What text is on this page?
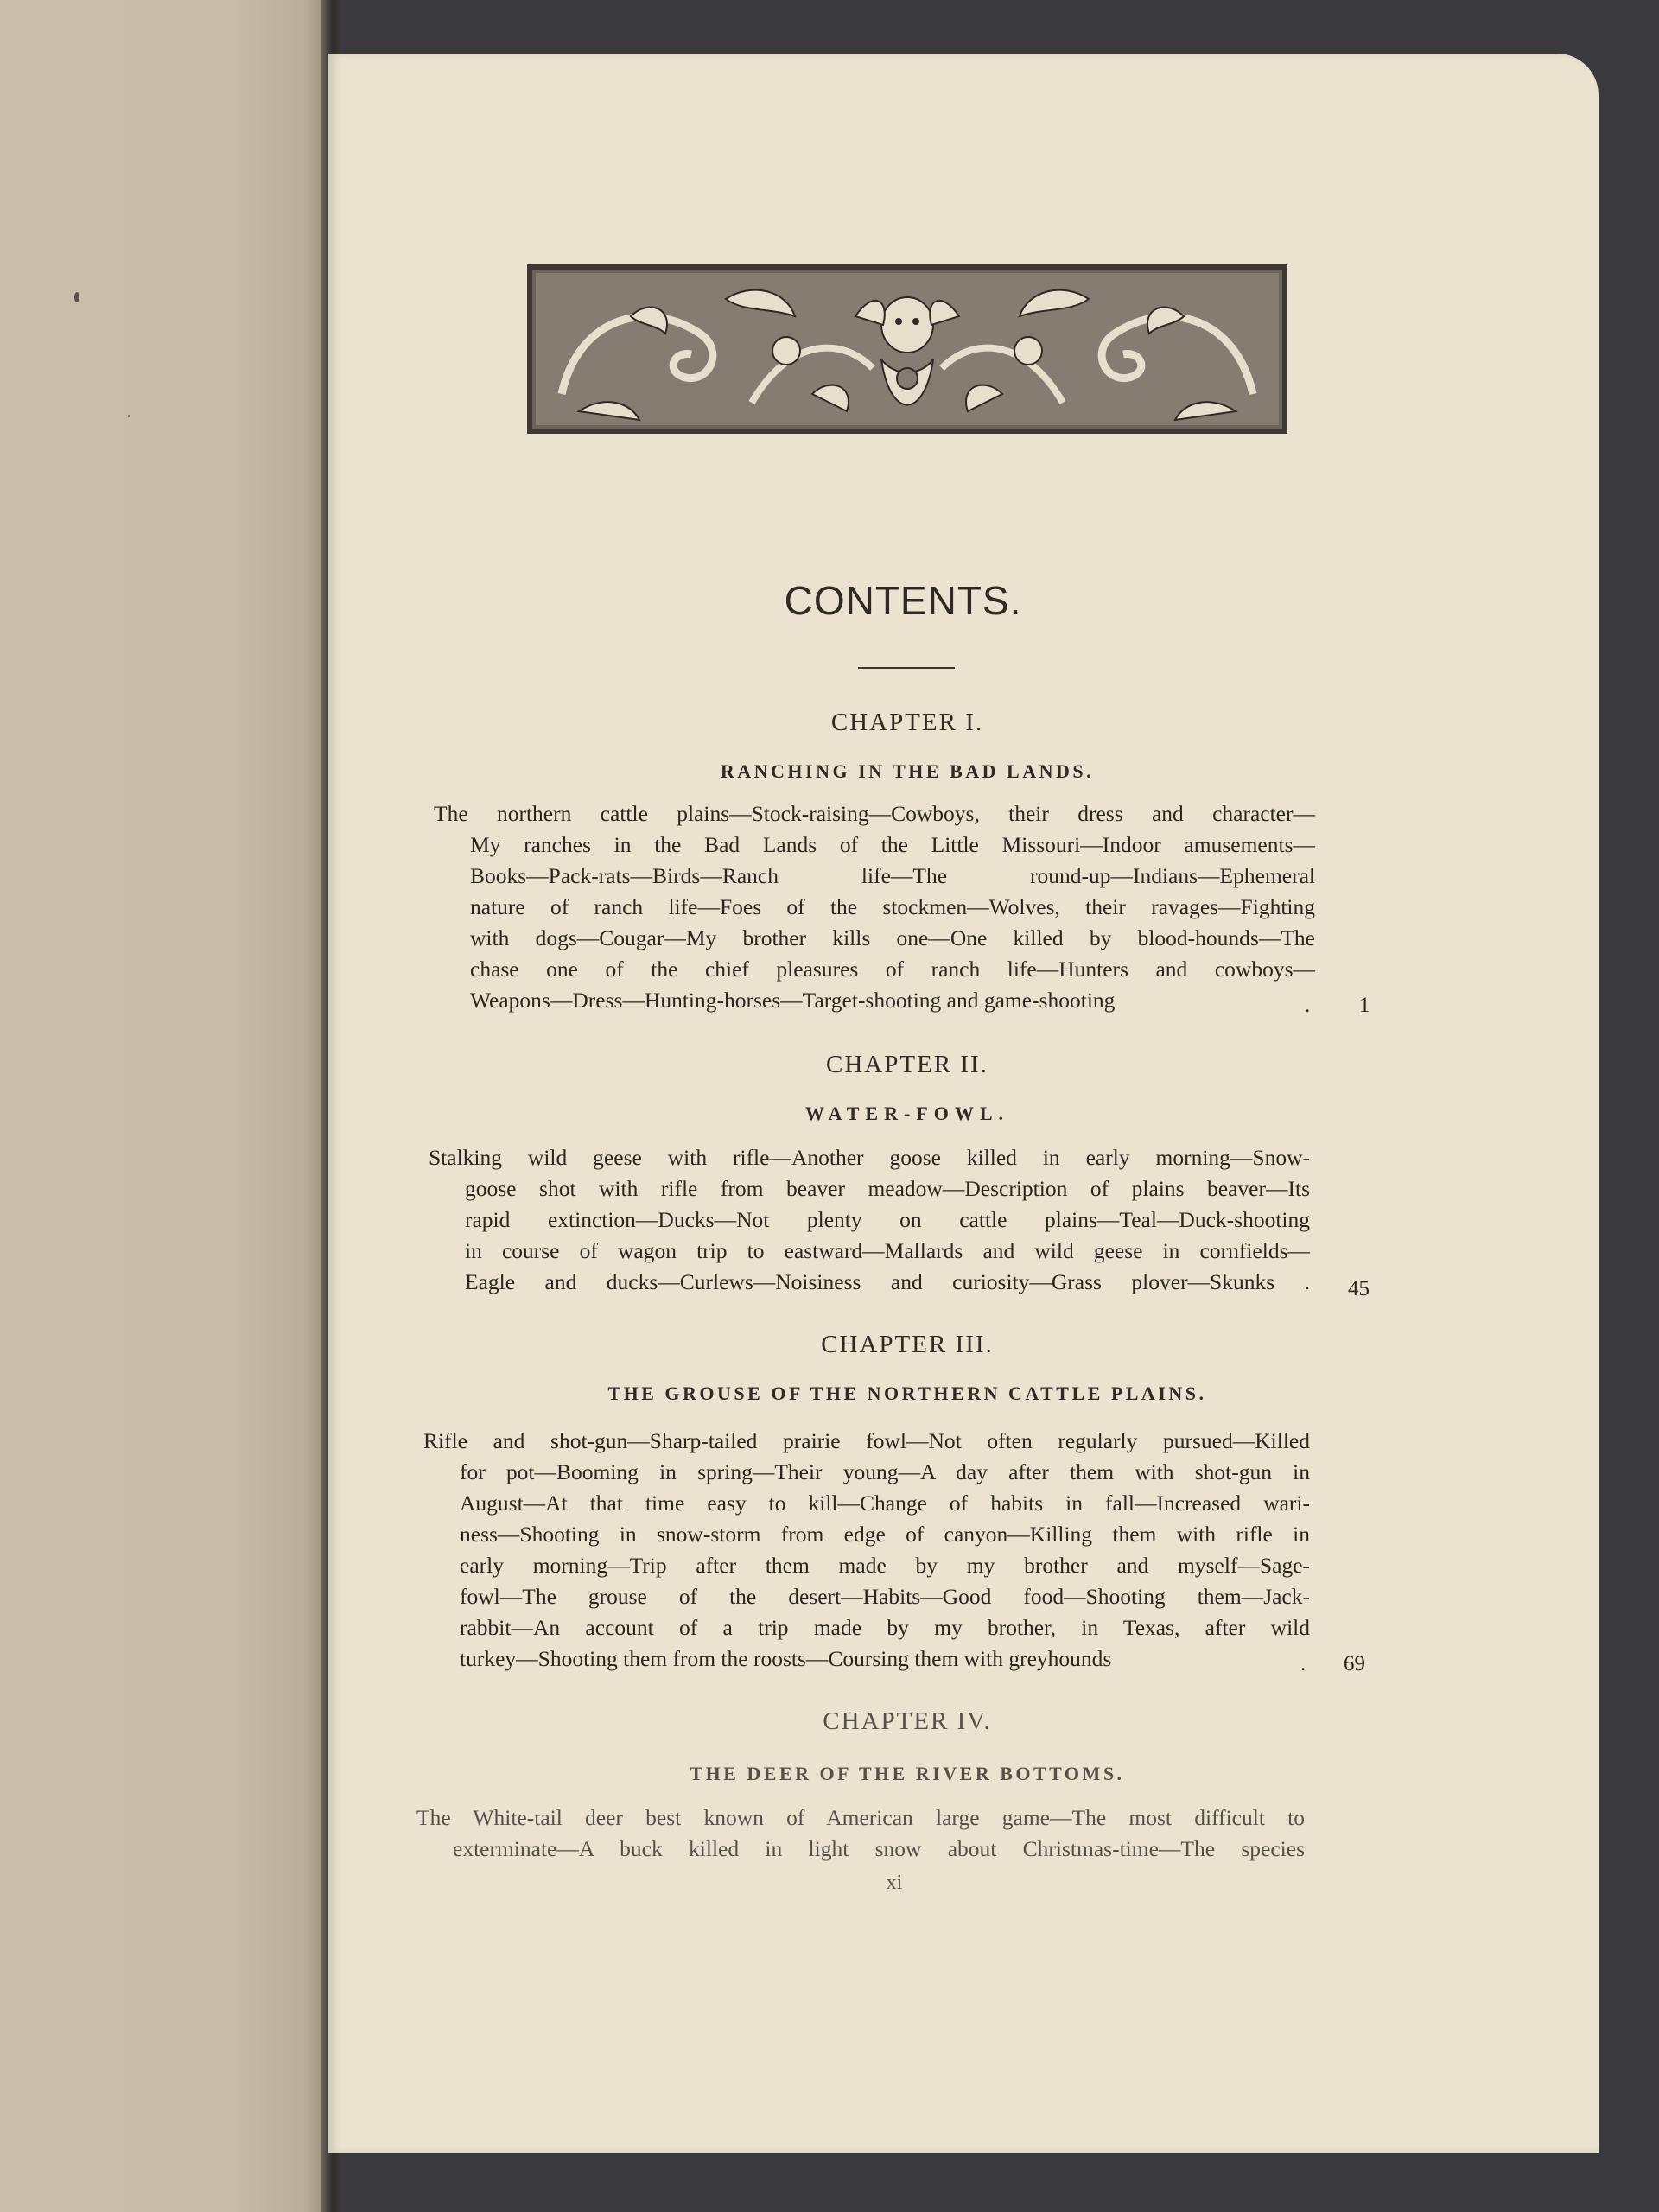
CONTENTS.
CHAPTER I.
RANCHING IN THE BAD LANDS.
The northern cattle plains—Stock-raising—Cowboys, their dress and character—
My ranches in the Bad Lands of the Little Missouri—Indoor amusements—
Books—Pack-rats—Birds—Ranch life—The round-up—Indians—Ephemeral
nature of ranch life—Foes of the stockmen—Wolves, their ravages—Fighting
with dogs—Cougar—My brother kills one—One killed by blood-hounds—The
chase one of the chief pleasures of ranch life—Hunters and cowboys—
Weapons—Dress—Hunting-horses—Target-shooting and game-shooting	. 1
CHAPTER II.
WATER-FOWL.
Stalking wild geese with rifle—Another goose killed in early morning—Snow-
goose shot with rifle from beaver meadow—Description of plains beaver—Its
rapid extinction—Ducks—Not plenty on cattle plains—Teal—Duck-shooting
in course of wagon trip to eastward—Mallards and wild geese in cornfields—
Eagle and ducks—Curlews—Noisiness and curiosity—Grass plover—Skunks . 45
CHAPTER III.
THE GROUSE OF THE NORTHERN CATTLE PLAINS.
Rifle and shot-gun—Sharp-tailed prairie fowl—Not often regularly pursued—Killed
for pot—Booming in spring—Their young—A day after them with shot-gun in
August—At that time easy to kill—Change of habits in fall—Increased wari-
ness—Shooting in snow-storm from edge of canyon—Killing them with rifle in
early morning—Trip after them made by my brother and myself—Sage-
fowl—The grouse of the desert—Habits—Good food—Shooting them—Jack-
rabbit—An account of a trip made by my brother, in Texas, after wild
turkey—Shooting them from the roosts—Coursing them with greyhounds	. 69
CHAPTER IV.
THE DEER OF THE RIVER BOTTOMS.
The White-tail deer best known of American large game—The most difficult to
exterminate—A buck killed in light snow about Christmas-time—The species
xi
